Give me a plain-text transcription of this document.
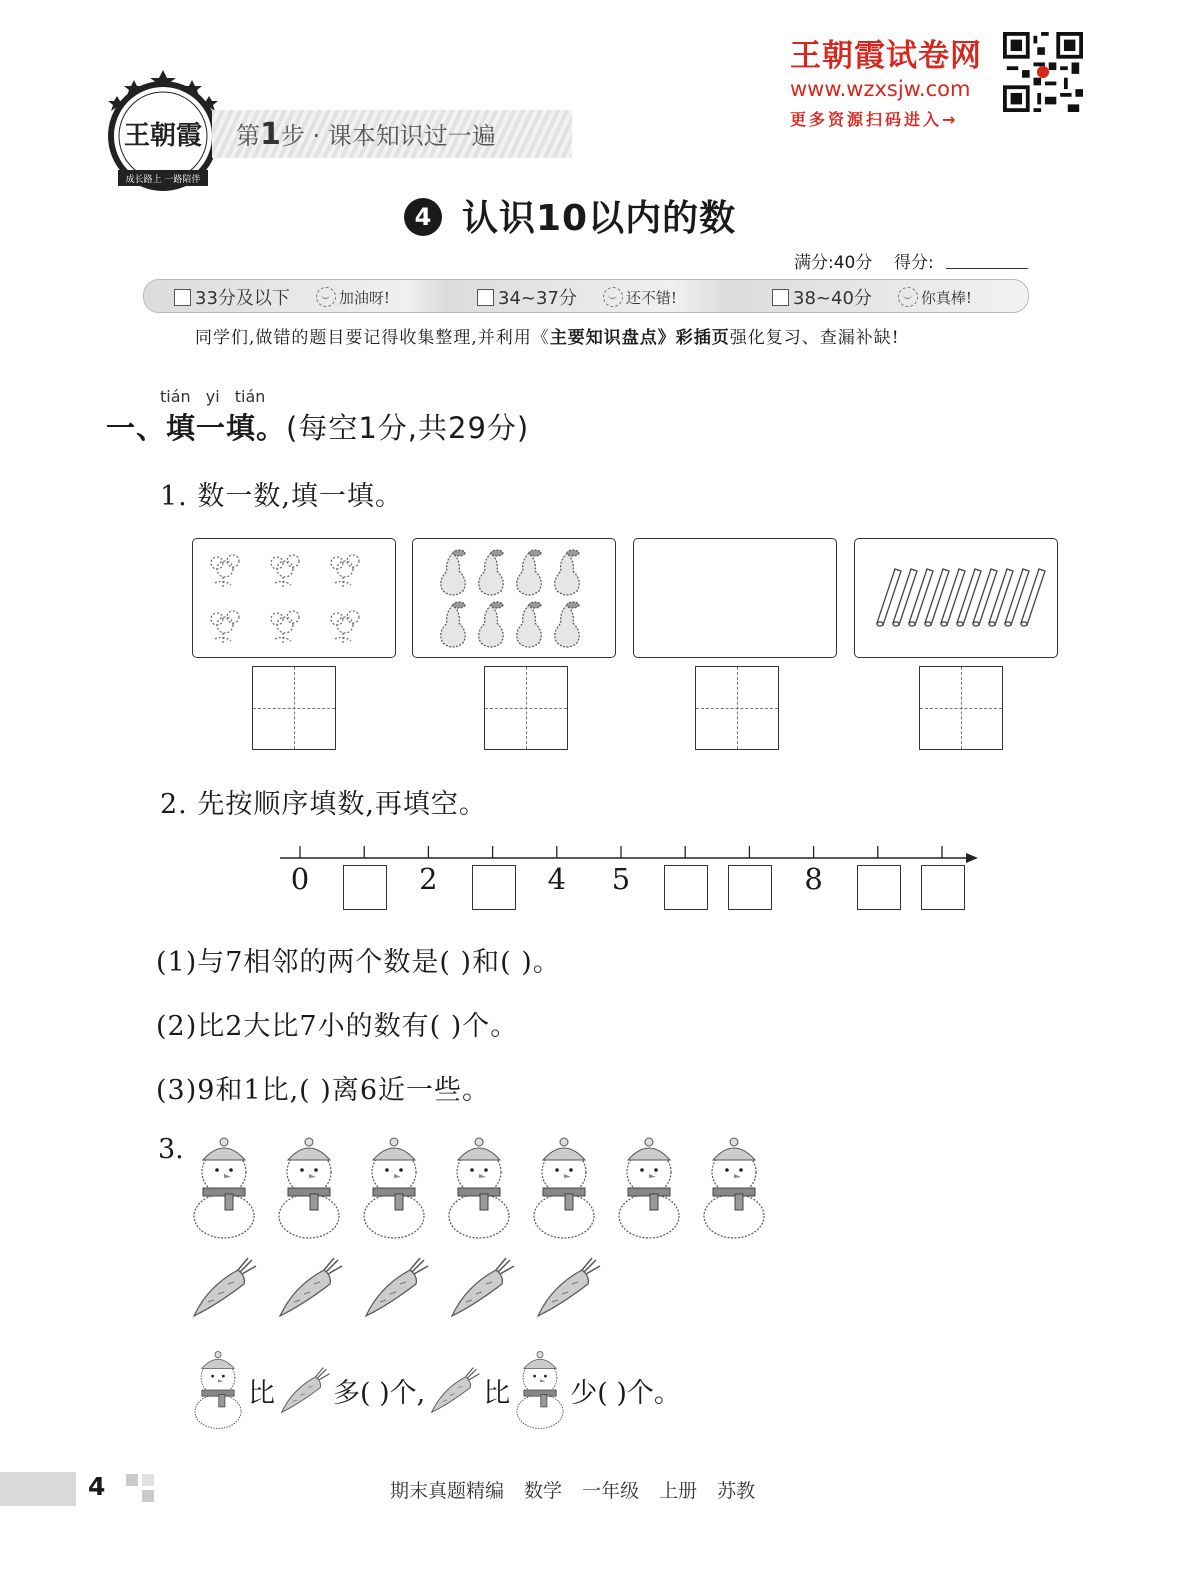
王朝霞试卷网
www.wzxsjw.com
更多资源扫码进入→
王朝霞
成长路上 一路陪伴
第1步 · 课本知识过一遍
4 认识10以内的数
满分:40分 得分:
33分及以下	加油呀!	34~37分	还不错!	38~40分	你真棒!
同学们,做错的题目要记得收集整理,并利用《主要知识盘点》彩插页强化复习、查漏补缺!
tián yi tián
一、填一填。(每空1分,共29分)
1. 数一数,填一填。
2. 先按顺序填数,再填空。
0	2	4 5	8
(1)与7相邻的两个数是( )和( )。
(2)比2大比7小的数有( )个。
(3)9和1比,( )离6近一些。
3.
比 多( )个, 比 少( )个。
4	期末真题精编 数学 一年级 上册 苏教
